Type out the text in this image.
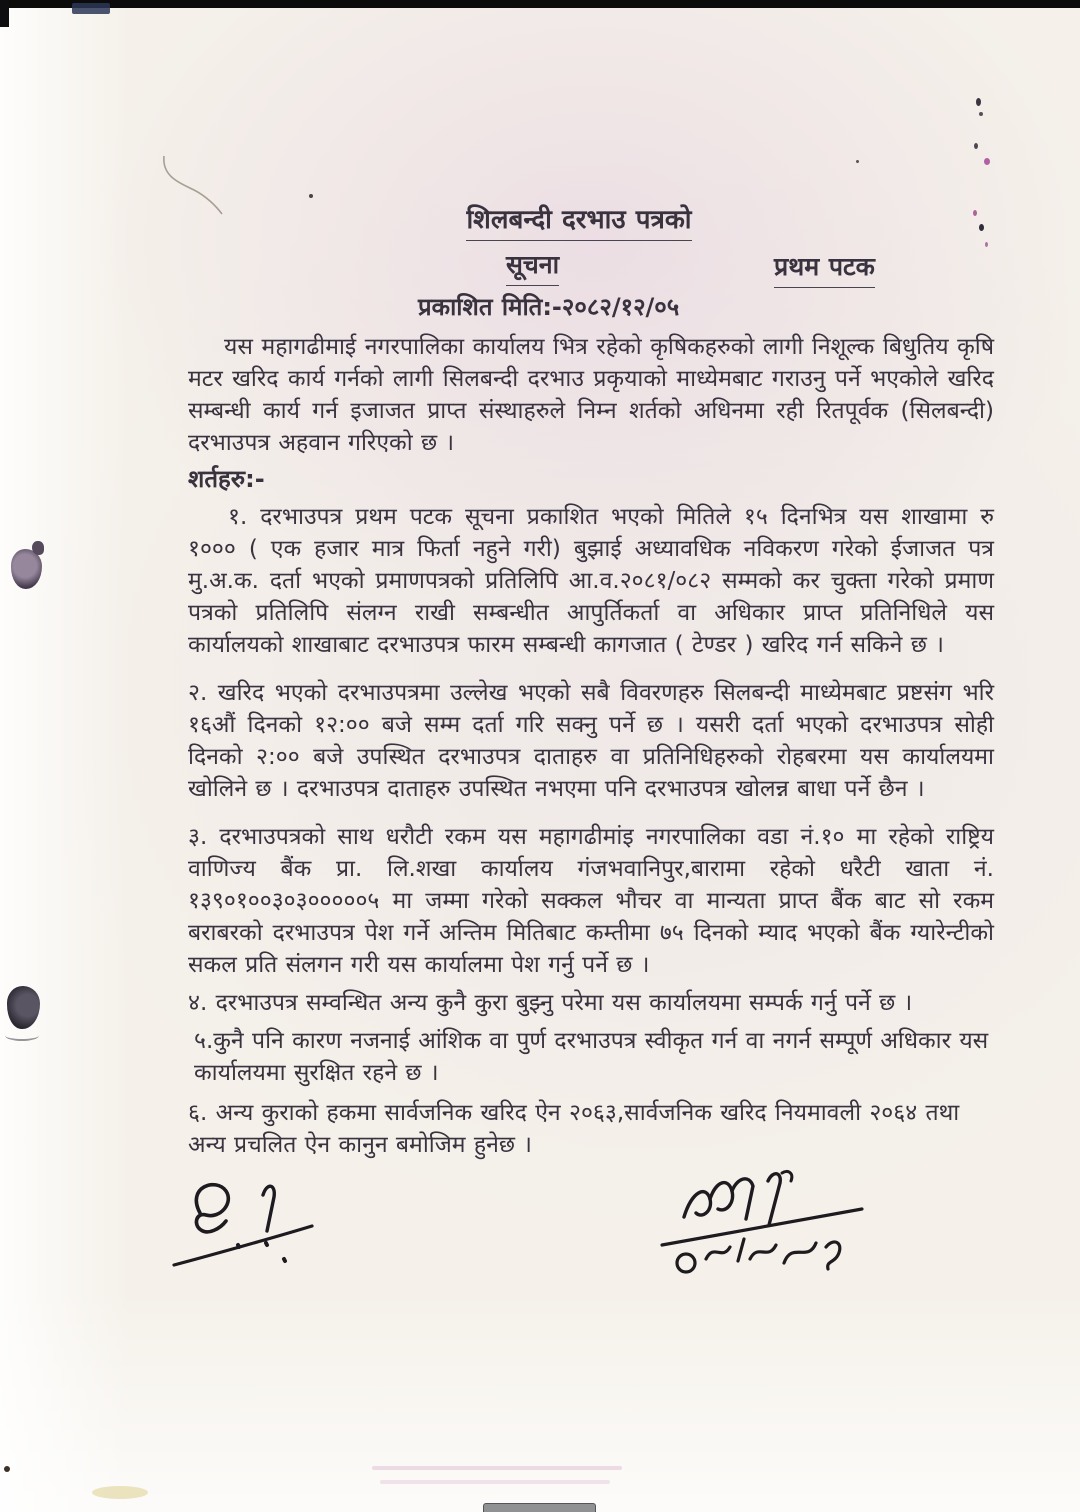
शिलबन्दी दरभाउ पत्रको
सूचना	प्रथम पटक
प्रकाशित मिति:-२०८२/१२/०५

यस महागढीमाई नगरपालिका कार्यालय भित्र रहेको कृषिकहरुको लागी निशूल्क बिधुतिय कृषि मटर खरिद कार्य गर्नको लागी सिलबन्दी दरभाउ प्रकृयाको माध्येमबाट गराउनु पर्ने भएकोले खरिद सम्बन्धी कार्य गर्न इजाजत प्राप्त संस्थाहरुले निम्न शर्तको अधिनमा रही रितपूर्वक (सिलबन्दी) दरभाउपत्र अहवान गरिएको छ ।

शर्तहरु:-

१. दरभाउपत्र प्रथम पटक सूचना प्रकाशित भएको मितिले १५ दिनभित्र यस शाखामा रु १००० ( एक हजार मात्र फिर्ता नहुने गरी) बुझाई अध्यावधिक नविकरण गरेको ईजाजत पत्र मु.अ.क. दर्ता भएको प्रमाणपत्रको प्रतिलिपि आ.व.२०८१/०८२ सम्मको कर चुक्ता गरेको प्रमाण पत्रको प्रतिलिपि संलग्न राखी सम्बन्धीत आपुर्तिकर्ता वा अधिकार प्राप्त प्रतिनिधिले यस कार्यालयको शाखाबाट दरभाउपत्र फारम सम्बन्धी कागजात ( टेण्डर ) खरिद गर्न सकिने छ ।

२. खरिद भएको दरभाउपत्रमा उल्लेख भएको सबै विवरणहरु सिलबन्दी माध्येमबाट प्रष्टसंग भरि १६औं दिनको १२:०० बजे सम्म दर्ता गरि सक्नु पर्ने छ । यसरी दर्ता भएको दरभाउपत्र सोही दिनको २:०० बजे उपस्थित दरभाउपत्र दाताहरु वा प्रतिनिधिहरुको रोहबरमा यस कार्यालयमा खोलिने छ । दरभाउपत्र दाताहरु उपस्थित नभएमा पनि दरभाउपत्र खोलन्न बाधा पर्ने छैन ।

३. दरभाउपत्रको साथ धरौटी रकम यस महागढीमांइ नगरपालिका वडा नं.१० मा रहेको राष्ट्रिय वाणिज्य बैंक प्रा. लि.शखा कार्यालय गंजभवानिपुर,बारामा रहेको धरैटी खाता नं. १३९०१००३०३०००००५ मा जम्मा गरेको सक्कल भौचर वा मान्यता प्राप्त बैंक बाट सो रकम बराबरको दरभाउपत्र पेश गर्ने अन्तिम मितिबाट कम्तीमा ७५ दिनको म्याद भएको बैंक ग्यारेन्टीको सकल प्रति संलगन गरी यस कार्यालमा पेश गर्नु पर्ने छ ।

४. दरभाउपत्र सम्वन्धित अन्य कुनै कुरा बुझ्नु परेमा यस कार्यालयमा सम्पर्क गर्नु पर्ने छ ।

५.कुनै पनि कारण नजनाई आंशिक वा पुर्ण दरभाउपत्र स्वीकृत गर्न वा नगर्न सम्पूर्ण अधिकार यस कार्यालयमा सुरक्षित रहने छ ।

६. अन्य कुराको हकमा सार्वजनिक खरिद ऐन २०६३,सार्वजनिक खरिद नियमावली २०६४ तथा अन्य प्रचलित ऐन कानुन बमोजिम हुनेछ ।
